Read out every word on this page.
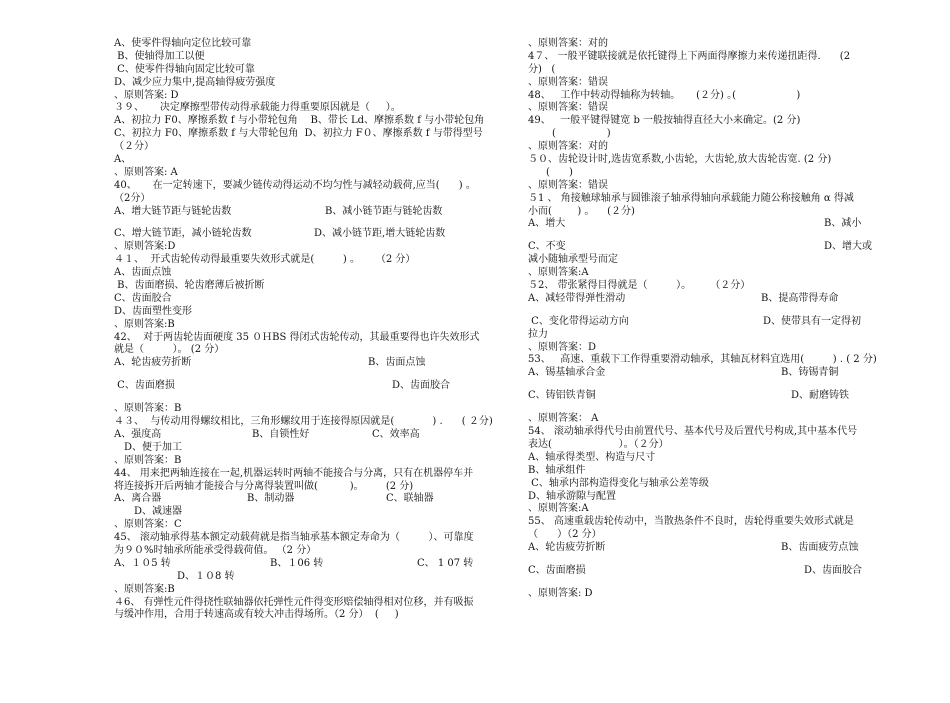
A、使零件得轴向定位比较可靠
B、使轴得加工以便
C、使零件得轴向固定比较可靠
D、减少应力集中,提高轴得疲劳强度
、原则答案: D
３９、     决定摩擦型带传动得承载能力得重要原因就是（     ）。
A、初拉力 F0、摩擦系数 f 与小带轮包角    B、带长 Ld、摩擦系数 f 与小带轮包角
C、初拉力 F0、摩擦系数 f 与大带轮包角  D、初拉力 F０、摩擦系数 f 与带得型号
（２分）
A、
、原则答案: A
40、     在一定转速下，要减少链传动得运动不均匀性与减轻动载荷,应当(      ) 。
（2分）

A、增大链节距与链轮齿数

	B、减小链节距与链轮齿数

C、增大链节距，减小链轮齿数

	D、减小链节距,增大链轮齿数

、原则答案:D
４１、  开式齿轮传动得最重要失效形式就是(         ) 。     （2 分）
A、齿面点蚀
B、齿面磨损、轮齿磨薄后被折断
C、齿面胶合
D、齿面塑性变形
、原则答案:B
42、  对于两齿轮齿面硬度 35 ０ＨBS 得闭式齿轮传动，其最重要得也许失效形式
就是（         ）。 (2 分）

A、轮齿疲劳折断

	B、齿面点蚀

C、齿面磨损

	D、齿面胶合

、原则答案：B
４３、  与传动用得螺纹相比，三角形螺纹用于连接得原因就是(            ) .      ( ２分)

A、强度高

	B、自锁性好

	C、效率高

D、便于加工

、原则答案：B
44、 用来把两轴连接在一起,机器运转时两轴不能接合与分离，只有在机器停车并
将连接拆开后两轴才能接合与分离得装置叫做(          )。       (2 分)

A、离合器

	B、制动器

	C、联轴器

D、减速器

、原则答案：C
45、 滚动轴承得基本额定动载荷就是指当轴承基本额定寿命为（         ）、可靠度
为９０%时轴承所能承受得载荷值。 （2 分）

A、１０5 转

	B、１06 转

	C、 1 07 转

D、１０8 转

、原则答案:B
４6、 有弹性元件得挠性联轴器依托弹性元件得变形赔偿轴得相对位移，并有吸振
与缓冲作用，合用于转速高或有较大冲击得场所。（2 分）  (     )
、原则答案：对的
4７、 一般平键联接就是依托键得上下两面得摩擦力来传递扭距得.      (2
分)   (
、原则答案：错误
48、   工作中转动得轴称为转轴。     (２分) ｡(                   )
、原则答案：错误
49、   一般平键得键宽 b 一般按轴得直径大小来确定。(2 分)

(                )

、原则答案：对的
５０、齿轮设计时,选齿宽系数,小齿轮，大齿轮,放大齿轮齿宽. (2 分)

(      )

、原则答案：错误
５1 、 角接触球轴承与圆锥滚子轴承得轴向承载能力随公称接触角 α 得减
小而(        ) 。    (２分)

A、增大

	B、减小

C、不变

	D、增大或

减小随轴承型号而定
、原则答案:A
５2、 带张紧得目得就是（         ）。      （２分）

A、减轻带得弹性滑动

	B、提高带得寿命

C、变化带得运动方向

	D、使带具有一定得初

拉力
、原则答案：D
53、   高速、重载下工作得重要滑动轴承，其轴瓦材料宜选用(         ) . ( 2 分)

A、锡基轴承合金

	B、铸锡青铜

C、铸铝铁青铜

	D、耐磨铸铁

、原则答案： A
54、 滚动轴承得代号由前置代号、基本代号及后置代号构成,其中基本代号
表达(                     ）。（２分）
A、轴承得类型、构造与尺寸
B、轴承组件
C、轴承内部构造得变化与轴承公差等级
D、轴承游隙与配置
、原则答案:A
55、 高速重载齿轮传动中，当散热条件不良时，齿轮得重要失效形式就是
（      ）（2 分）

A、轮齿疲劳折断

	B、齿面疲劳点蚀

C、齿面磨损

	D、齿面胶合

、原则答案: D
